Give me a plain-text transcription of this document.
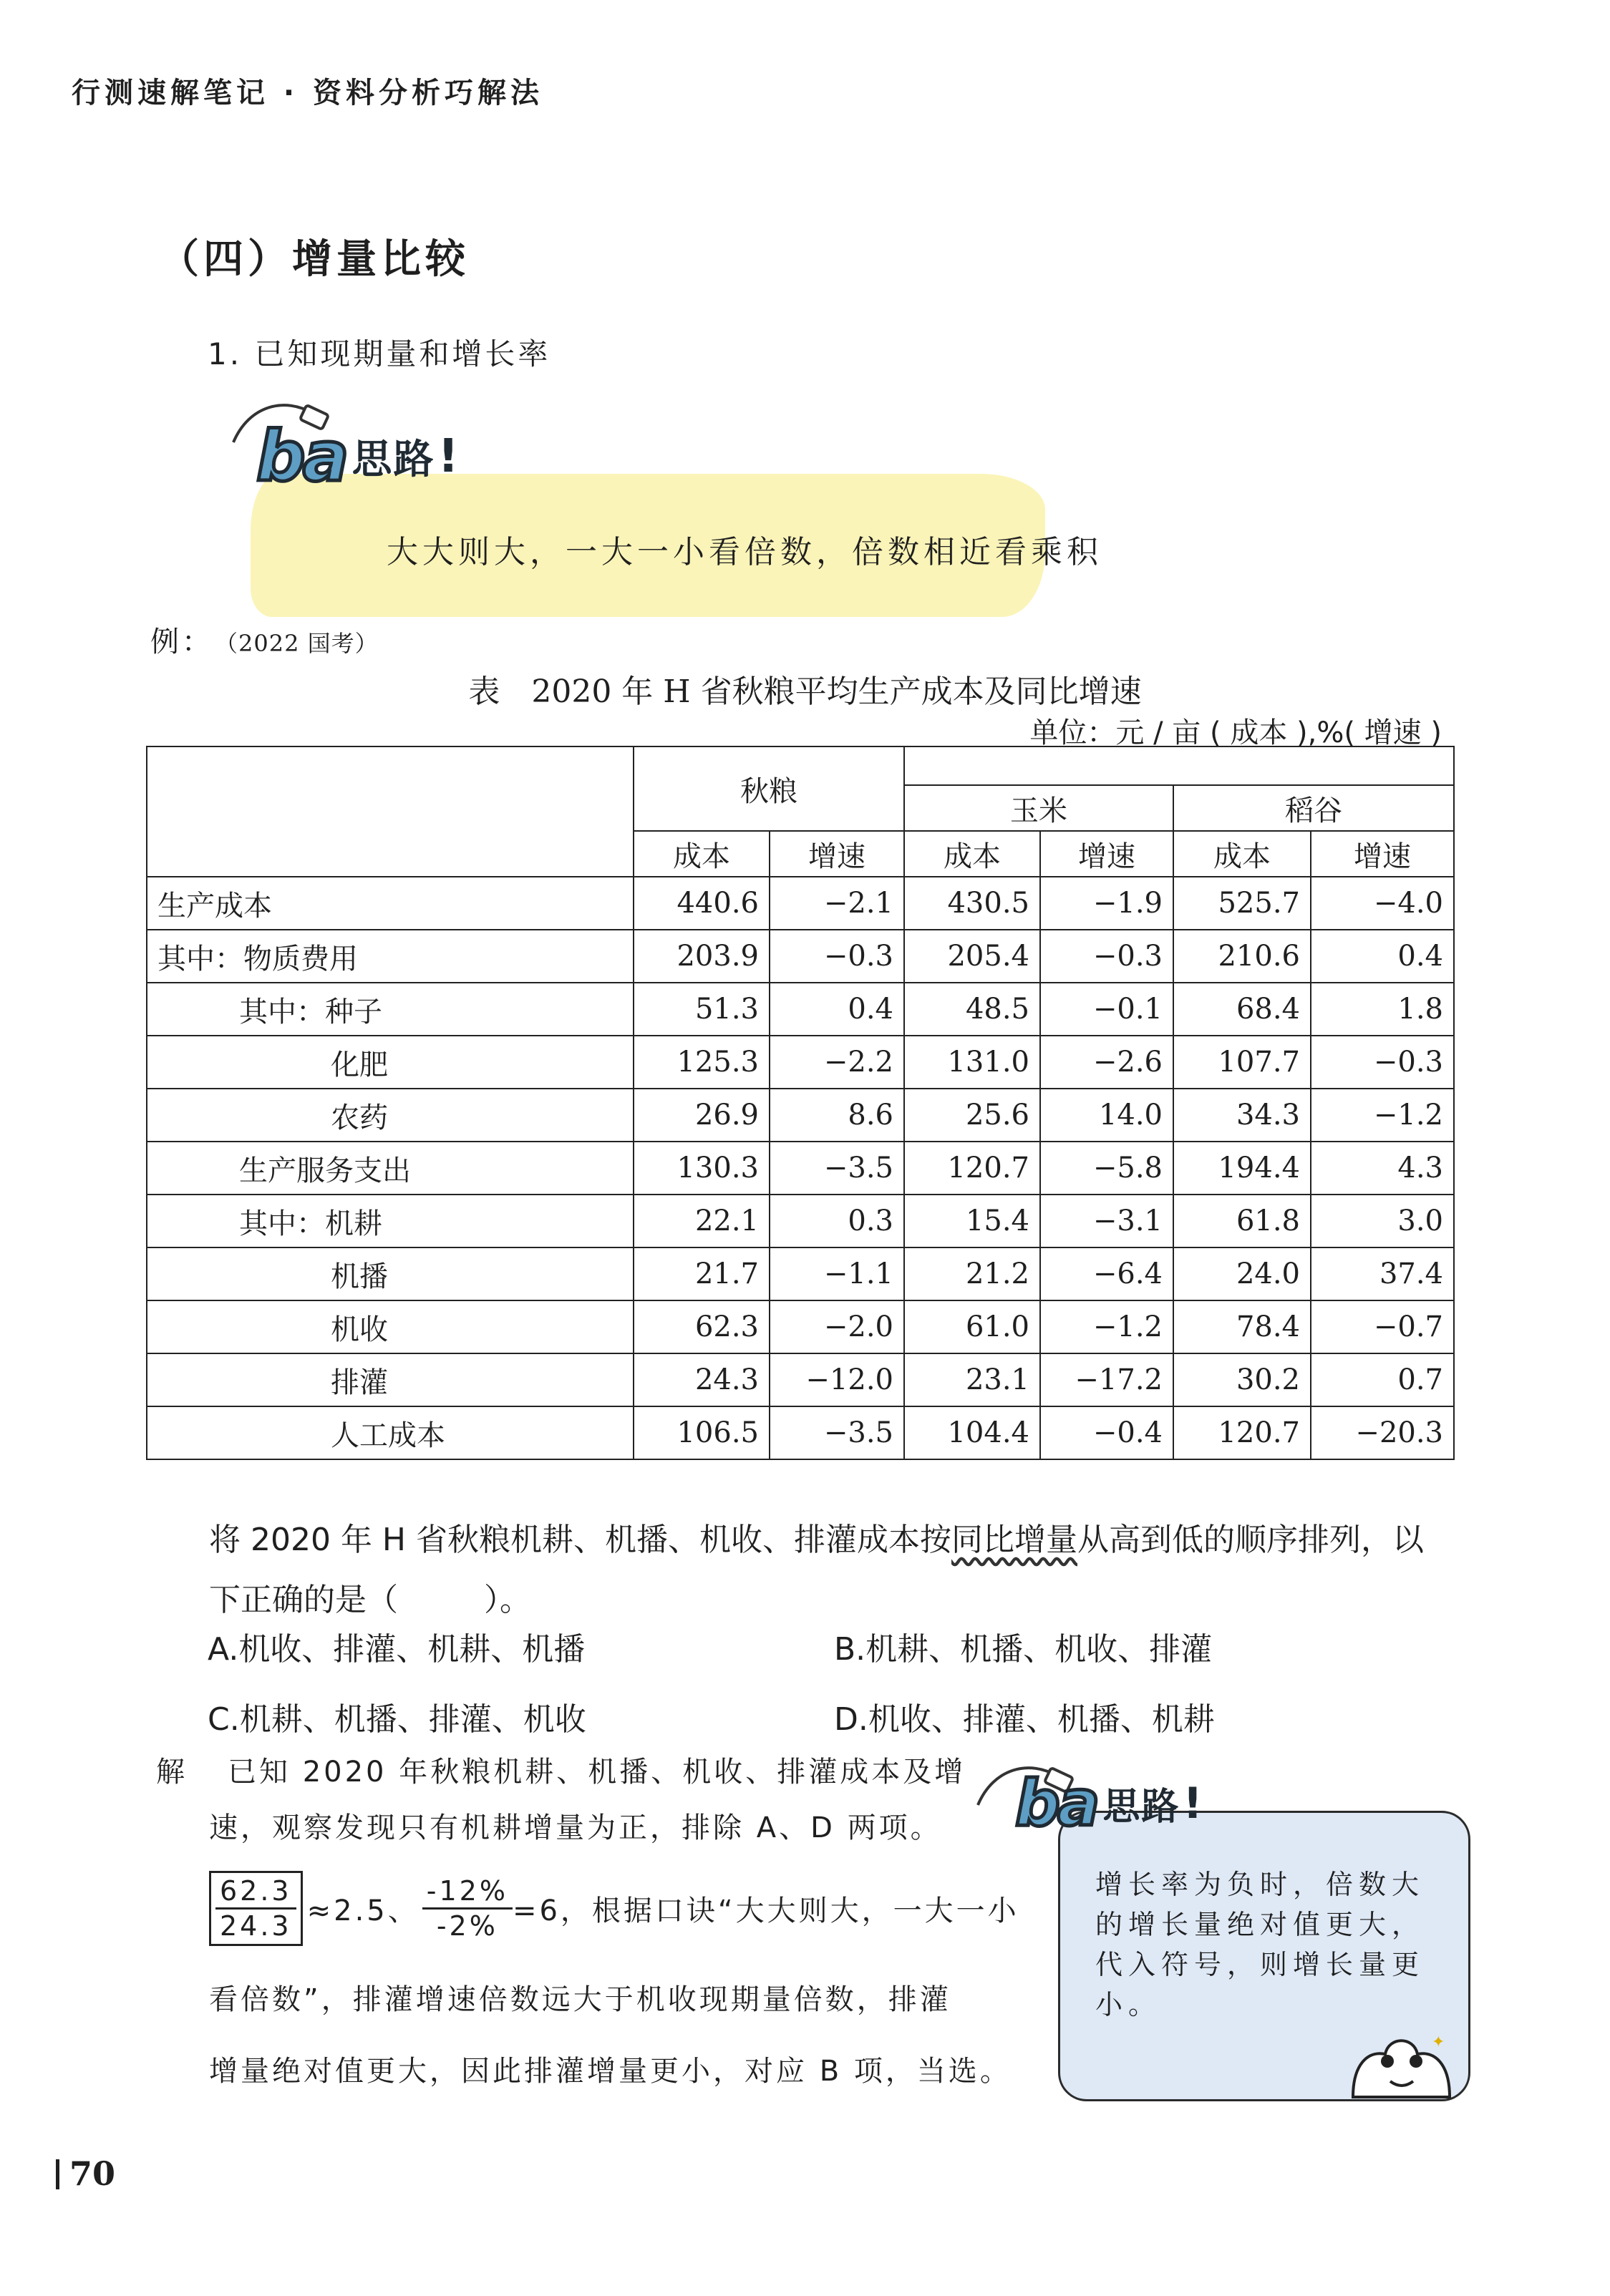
行测速解笔记 · 资料分析巧解法
（四）增量比较
1. 已知现期量和增长率
ba 思路 !
大大则大，一大一小看倍数，倍数相近看乘积
例： （2022 国考）
表　2020 年 H 省秋粮平均生产成本及同比增速
单位：元 / 亩 ( 成本 ),%( 增速 )
	秋粮					
			玉米		稻谷	
	成本	增速	成本	增速	成本	增速
生产成本	440.6	−2.1	430.5	−1.9	525.7	−4.0
其中：物质费用	203.9	−0.3	205.4	−0.3	210.6	0.4
其中：种子	51.3	0.4	48.5	−0.1	68.4	1.8
化肥	125.3	−2.2	131.0	−2.6	107.7	−0.3
农药	26.9	8.6	25.6	14.0	34.3	−1.2
生产服务支出	130.3	−3.5	120.7	−5.8	194.4	4.3
其中：机耕	22.1	0.3	15.4	−3.1	61.8	3.0
机播	21.7	−1.1	21.2	−6.4	24.0	37.4
机收	62.3	−2.0	61.0	−1.2	78.4	−0.7
排灌	24.3	−12.0	23.1	−17.2	30.2	0.7
人工成本	106.5	−3.5	104.4	−0.4	120.7	−20.3
将 2020 年 H 省秋粮机耕、机播、机收、排灌成本按同比增量从高到低的顺序排列，以下正确的是（	）。
A.机收、排灌、机耕、机播	B.机耕、机播、机收、排灌
C.机耕、机播、排灌、机收	D.机收、排灌、机播、机耕
解 已知 2020 年秋粮机耕、机播、机收、排灌成本及增
速，观察发现只有机耕增量为正，排除 A、D 两项。
$\frac{62.3}{24.3} \approx 2.5$、 $\frac{-12\%}{-2\%} =6$，根据口诀“大大则大，一大一小
看倍数”，排灌增速倍数远大于机收现期量倍数，排灌
增量绝对值更大，因此排灌增量更小，对应 B 项，当选。
ba 思路 !
增长率为负时，倍数大的增长量绝对值更大，代入符号，则增长量更小。
✦
70
